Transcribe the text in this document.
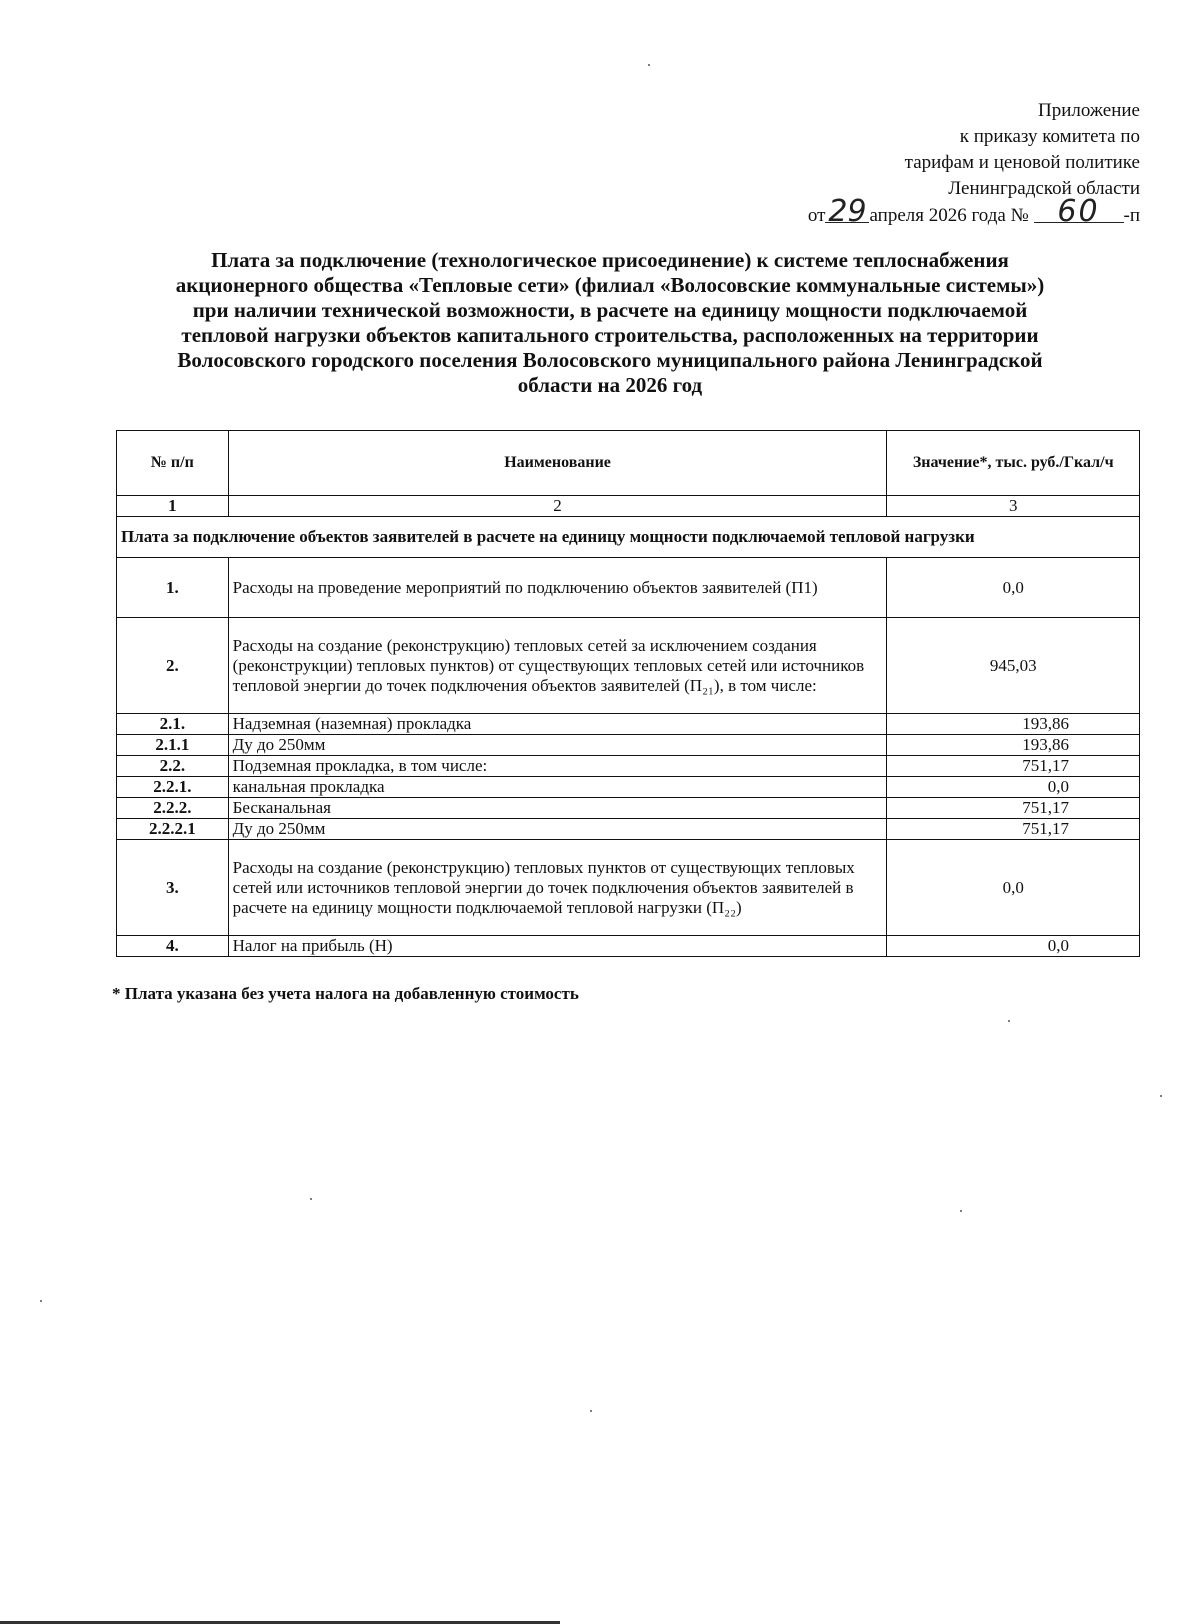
Приложение
к приказу комитета по
тарифам и ценовой политике
Ленинградской области
от29 апреля 2026 года № 60 -п
Плата за подключение (технологическое присоединение) к системе теплоснабжения
акционерного общества «Тепловые сети» (филиал «Волосовские коммунальные системы»)
при наличии технической возможности, в расчете на единицу мощности подключаемой
тепловой нагрузки объектов капитального строительства, расположенных на территории
Волосовского городского поселения Волосовского муниципального района Ленинградской
области на 2026 год
№ п/п	Наименование	Значение*, тыс. руб./Гкал/ч
1	2	3
Плата за подключение объектов заявителей в расчете на единицу мощности подключаемой тепловой нагрузки		
1.	Расходы на проведение мероприятий по подключению объектов заявителей (П1)	0,0
2.	Расходы на создание (реконструкцию) тепловых сетей за исключением создания (реконструкции) тепловых пунктов) от существующих тепловых сетей или источников тепловой энергии до точек подключения объектов заявителей (П₂₁), в том числе:	945,03
2.1.	Надземная (наземная) прокладка	193,86
2.1.1	Ду до 250мм	193,86
2.2.	Подземная прокладка, в том числе:	751,17
2.2.1.	канальная прокладка	0,0
2.2.2.	Бесканальная	751,17
2.2.2.1	Ду до 250мм	751,17
3.	Расходы на создание (реконструкцию) тепловых пунктов от существующих тепловых сетей или источников тепловой энергии до точек подключения объектов заявителей в расчете на единицу мощности подключаемой тепловой нагрузки (П₂₂)	0,0
4.	Налог на прибыль (Н)	0,0
* Плата указана без учета налога на добавленную стоимость
